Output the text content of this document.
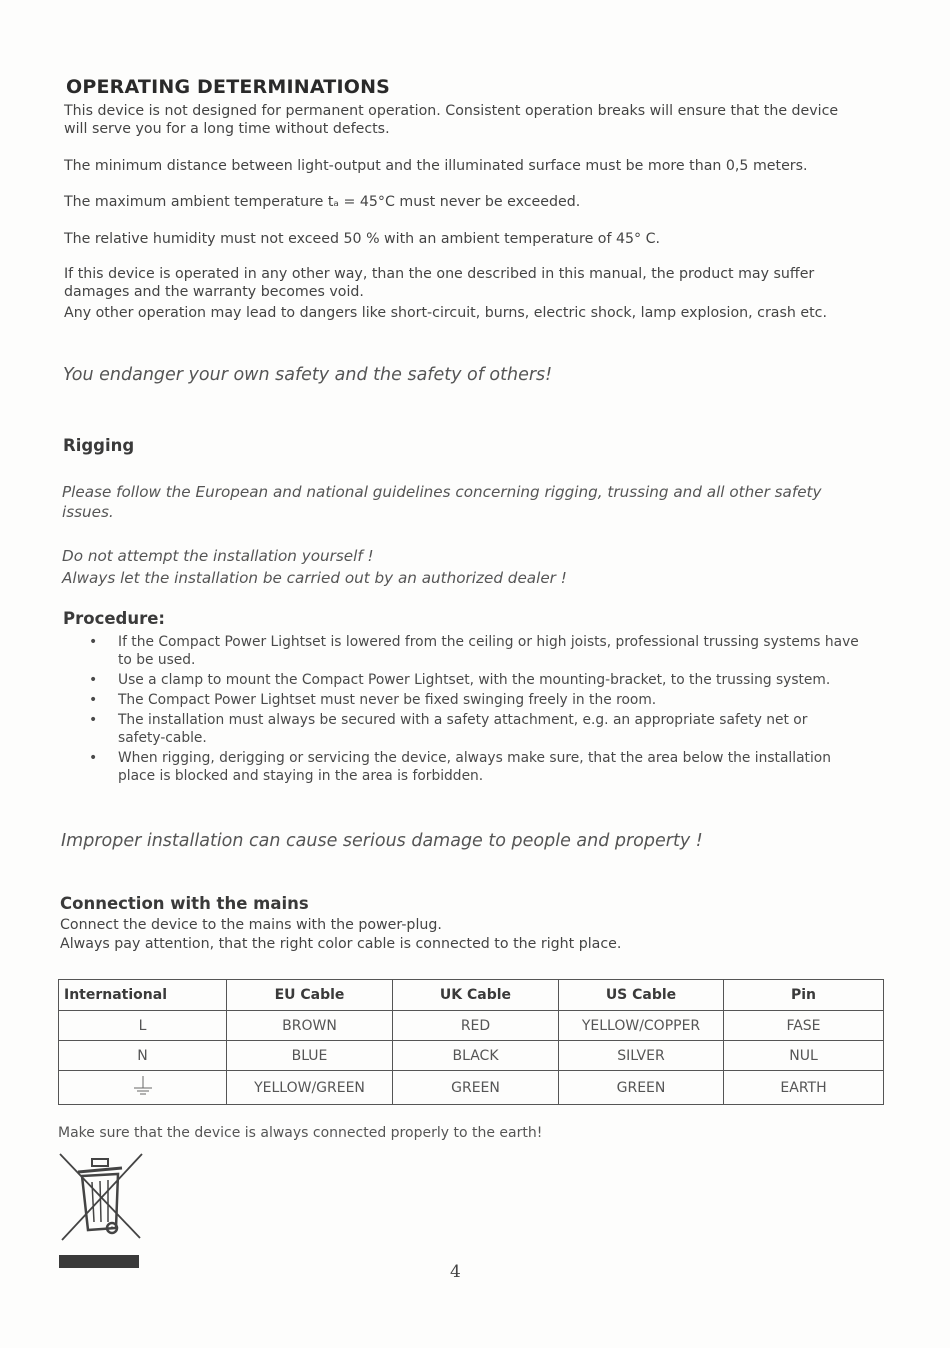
OPERATING DETERMINATIONS
This device is not designed for permanent operation. Consistent operation breaks will ensure that the device will serve you for a long time without defects.
The minimum distance between light-output and the illuminated surface must be more than 0,5 meters.
The maximum ambient temperature tₐ = 45°C must never be exceeded.
The relative humidity must not exceed 50 % with an ambient temperature of 45° C.
If this device is operated in any other way, than the one described in this manual, the product may suffer damages and the warranty becomes void.
Any other operation may lead to dangers like short-circuit, burns, electric shock, lamp explosion, crash etc.
You endanger your own safety and the safety of others!
Rigging
Please follow the European and national guidelines concerning rigging, trussing and all other safety issues.
Do not attempt the installation yourself !
Always let the installation be carried out by an authorized dealer !
Procedure:
• If the Compact Power Lightset is lowered from the ceiling or high joists, professional trussing systems have to be used.
• Use a clamp to mount the Compact Power Lightset, with the mounting-bracket, to the trussing system.
• The Compact Power Lightset must never be fixed swinging freely in the room.
• The installation must always be secured with a safety attachment, e.g. an appropriate safety net or safety-cable.
• When rigging, derigging or servicing the device, always make sure, that the area below the installation place is blocked and staying in the area is forbidden.
Improper installation can cause serious damage to people and property !
Connection with the mains
Connect the device to the mains with the power-plug.
Always pay attention, that the right color cable is connected to the right place.
International	EU Cable	UK Cable	US Cable	Pin
L	BROWN	RED	YELLOW/COPPER	FASE
N	BLUE	BLACK	SILVER	NUL
	YELLOW/GREEN	GREEN	GREEN	EARTH
Make sure that the device is always connected properly to the earth!
4
